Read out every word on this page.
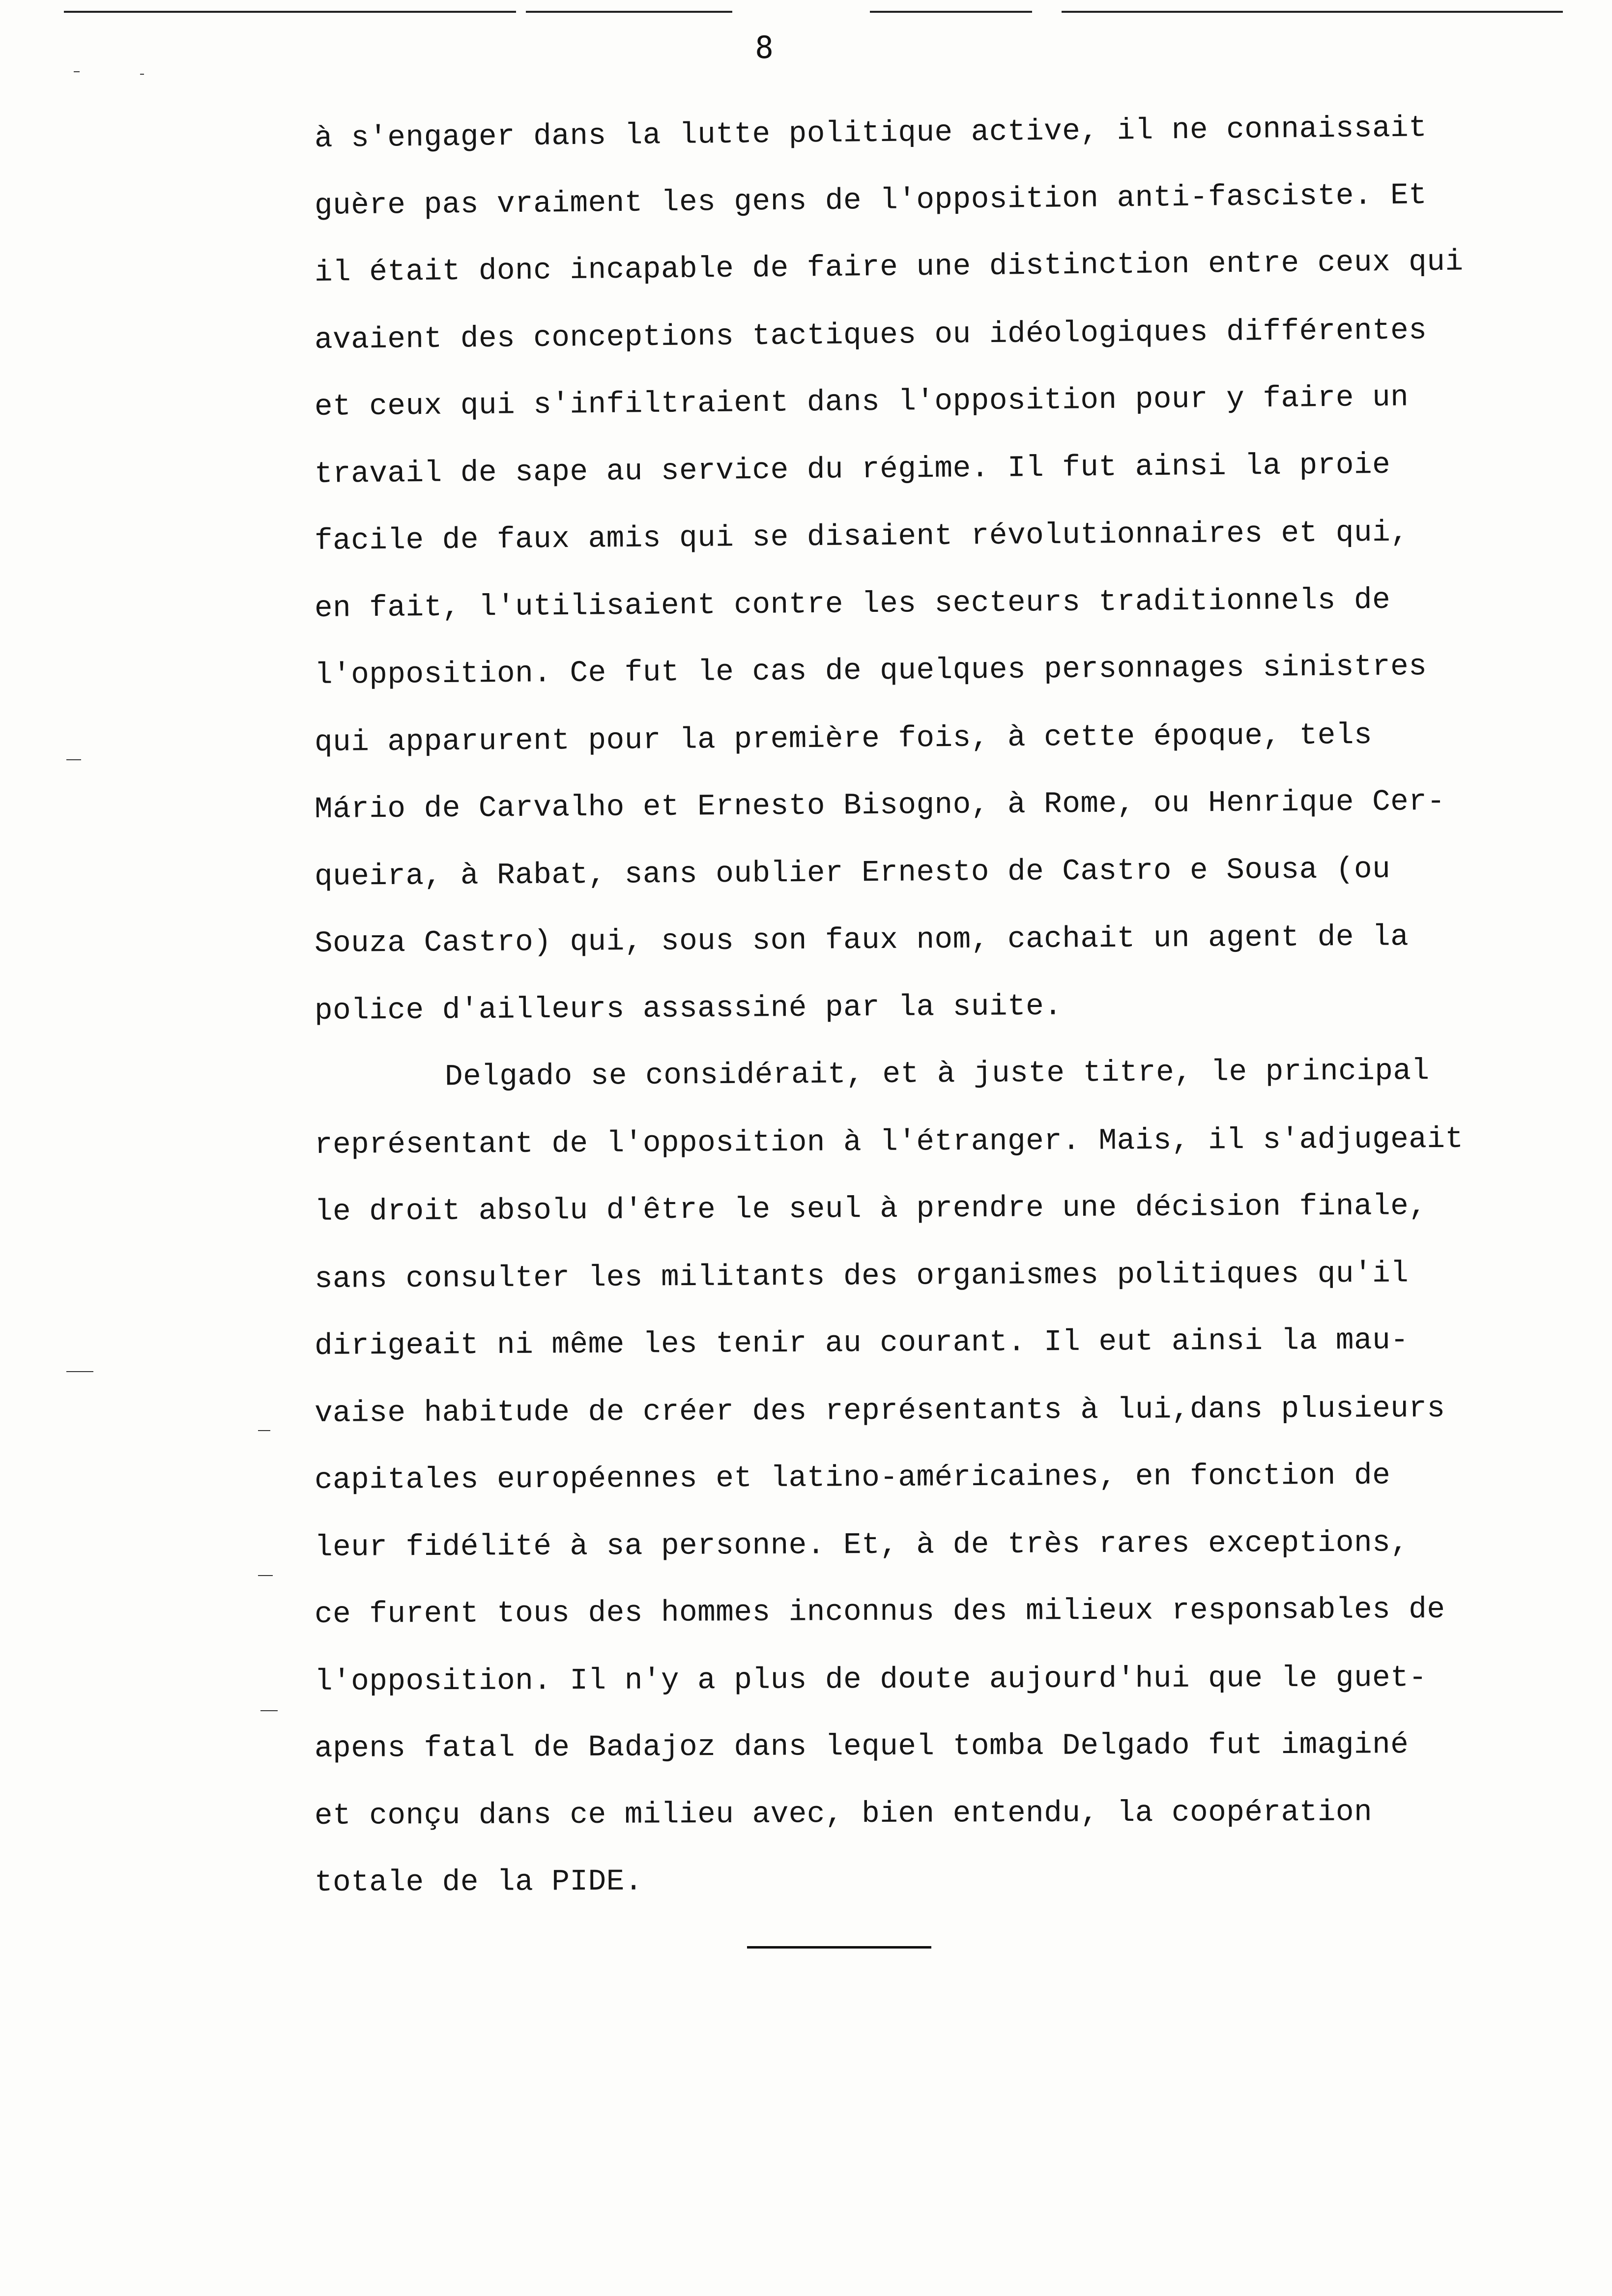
8
à s'engager dans la lutte politique active, il ne connaissait
guère pas vraiment les gens de l'opposition anti-fasciste. Et
il était donc incapable de faire une distinction entre ceux qui
avaient des conceptions tactiques ou idéologiques différentes
et ceux qui s'infiltraient dans l'opposition pour y faire un
travail de sape au service du régime. Il fut ainsi la proie
facile de faux amis qui se disaient révolutionnaires et qui,
en fait, l'utilisaient contre les secteurs traditionnels de
l'opposition. Ce fut le cas de quelques personnages sinistres
qui apparurent pour la première fois, à cette époque, tels
Mário de Carvalho et Ernesto Bisogno, à Rome, ou Henrique Cer-
queira, à Rabat, sans oublier Ernesto de Castro e Sousa (ou
Souza Castro) qui, sous son faux nom, cachait un agent de la
police d'ailleurs assassiné par la suite.
Delgado se considérait, et à juste titre, le principal
représentant de l'opposition à l'étranger. Mais, il s'adjugeait
le droit absolu d'être le seul à prendre une décision finale,
sans consulter les militants des organismes politiques qu'il
dirigeait ni même les tenir au courant. Il eut ainsi la mau-
vaise habitude de créer des représentants à lui,dans plusieurs
capitales européennes et latino-américaines, en fonction de
leur fidélité à sa personne. Et, à de très rares exceptions,
ce furent tous des hommes inconnus des milieux responsables de
l'opposition. Il n'y a plus de doute aujourd'hui que le guet-
apens fatal de Badajoz dans lequel tomba Delgado fut imaginé
et conçu dans ce milieu avec, bien entendu, la coopération
totale de la PIDE.
